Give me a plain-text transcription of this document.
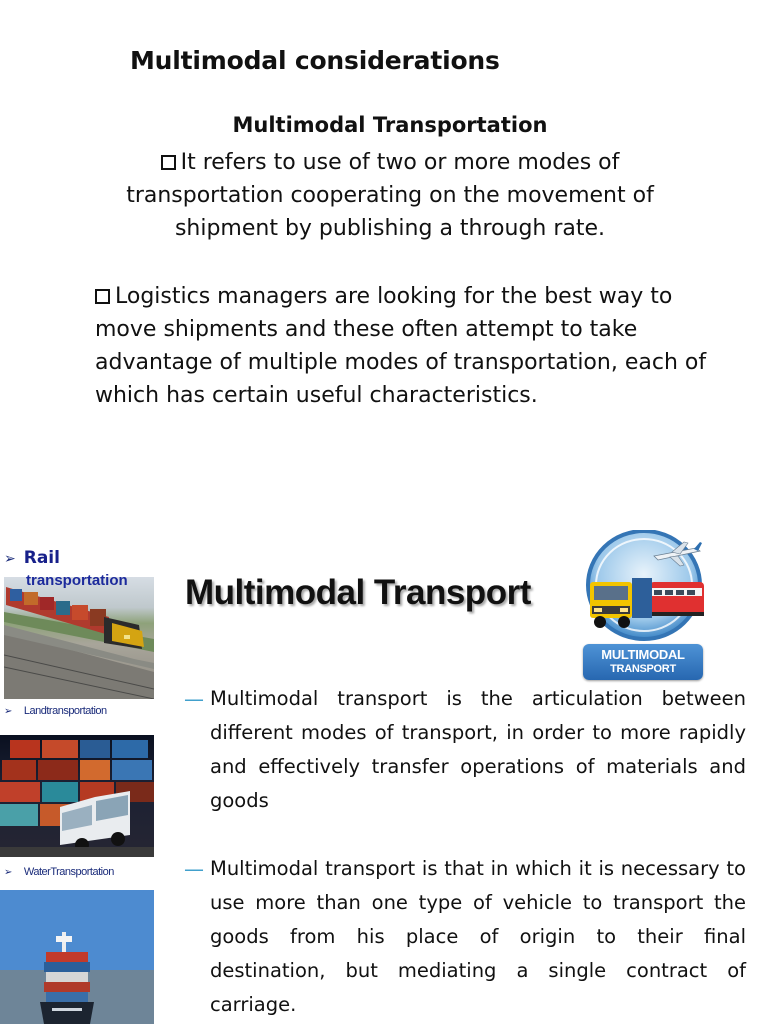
Multimodal considerations
Multimodal Transportation
It refers to use of two or more modes of transportation cooperating on the movement of shipment by publishing a through rate.
Logistics managers are looking for the best way to move shipments and these often attempt to take advantage of multiple modes of transportation, each of which has certain useful characteristics.
➢ Rail
transportation
➢ Landtransportation
➢ WaterTransportation
Multimodal Transport
MULTIMODAL
TRANSPORT
— Multimodal transport is the articulation between different modes of transport, in order to more rapidly and effectively transfer operations of materials and goods
— Multimodal transport is that in which it is necessary to use more than one type of vehicle to transport the goods from his place of origin to their final destination, but mediating a single contract of carriage.
